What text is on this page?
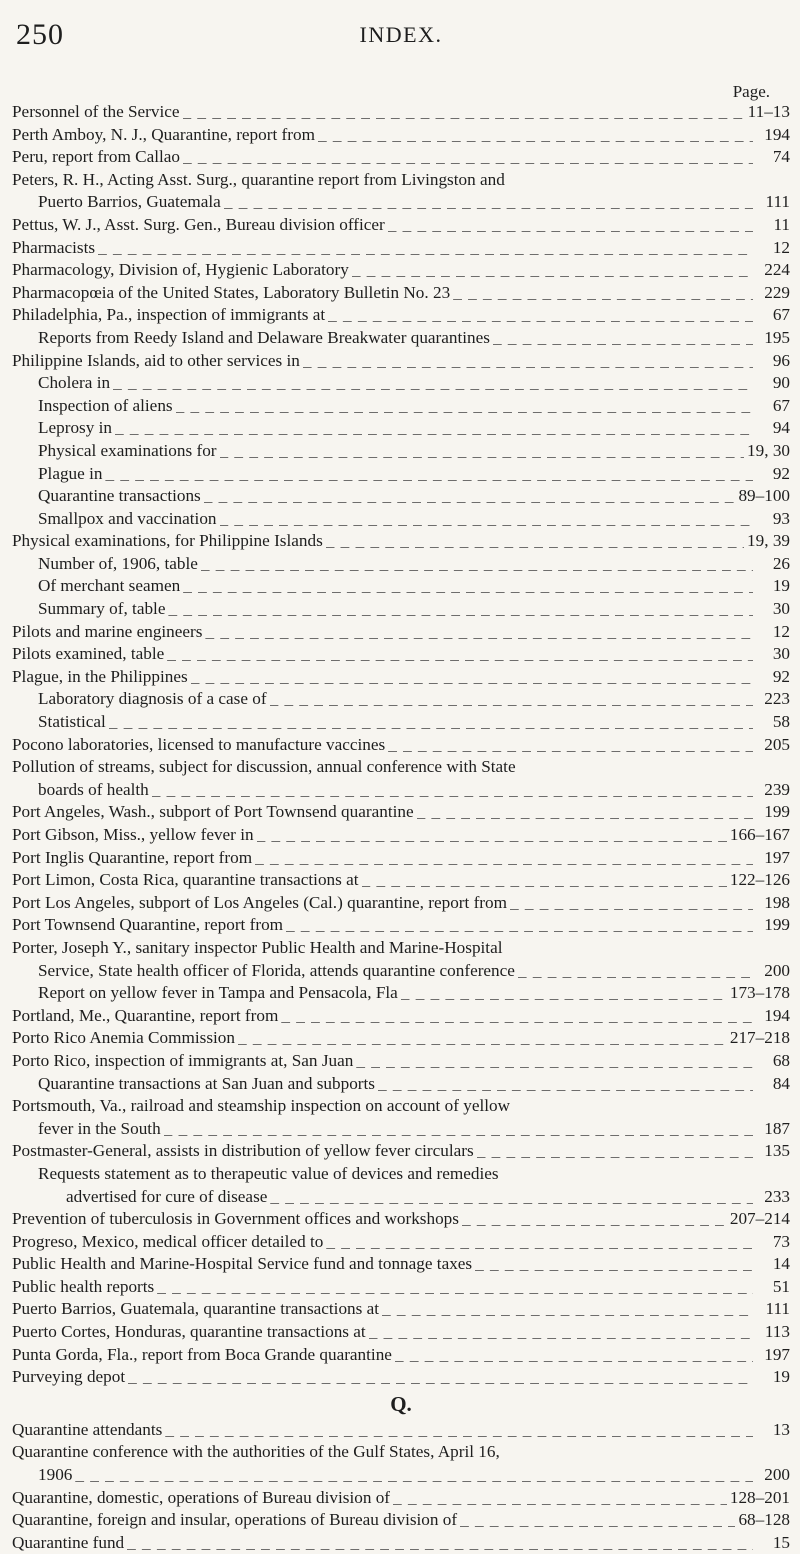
250	INDEX.
Page.
Personnel of the Service _ _ _	11–13
Perth Amboy, N. J., Quarantine, report from _ _ _	194
Peru, report from Callao _ _ _	74
Peters, R. H., Acting Asst. Surg., quarantine report from Livingston and
Puerto Barrios, Guatemala _ _ _	111
Pettus, W. J., Asst. Surg. Gen., Bureau division officer _ _ _	11
Pharmacists _ _ _	12
Pharmacology, Division of, Hygienic Laboratory _ _ _	224
Pharmacopœia of the United States, Laboratory Bulletin No. 23 _ _ _	229
Philadelphia, Pa., inspection of immigrants at _ _ _	67
Reports from Reedy Island and Delaware Breakwater quarantines _ _ _	195
Philippine Islands, aid to other services in _ _ _	96
Cholera in _ _ _	90
Inspection of aliens _ _ _	67
Leprosy in _ _ _	94
Physical examinations for _ _ _	19, 30
Plague in _ _ _	92
Quarantine transactions _ _ _	89–100
Smallpox and vaccination _ _ _	93
Physical examinations, for Philippine Islands _ _ _	19, 39
Number of, 1906, table _ _ _	26
Of merchant seamen _ _ _	19
Summary of, table _ _ _	30
Pilots and marine engineers _ _ _	12
Pilots examined, table _ _ _	30
Plague, in the Philippines _ _ _	92
Laboratory diagnosis of a case of _ _ _	223
Statistical _ _ _	58
Pocono laboratories, licensed to manufacture vaccines _ _ _	205
Pollution of streams, subject for discussion, annual conference with State
boards of health _ _ _	239
Port Angeles, Wash., subport of Port Townsend quarantine _ _ _	199
Port Gibson, Miss., yellow fever in _ _ _	166–167
Port Inglis Quarantine, report from _ _ _	197
Port Limon, Costa Rica, quarantine transactions at _ _ _	122–126
Port Los Angeles, subport of Los Angeles (Cal.) quarantine, report from _ _ _	198
Port Townsend Quarantine, report from _ _ _	199
Porter, Joseph Y., sanitary inspector Public Health and Marine-Hospital
Service, State health officer of Florida, attends quarantine conference _ _ _	200
Report on yellow fever in Tampa and Pensacola, Fla _ _ _	173–178
Portland, Me., Quarantine, report from _ _ _	194
Porto Rico Anemia Commission _ _ _	217–218
Porto Rico, inspection of immigrants at, San Juan _ _ _	68
Quarantine transactions at San Juan and subports _ _ _	84
Portsmouth, Va., railroad and steamship inspection on account of yellow
fever in the South _ _ _	187
Postmaster-General, assists in distribution of yellow fever circulars _ _ _	135
Requests statement as to therapeutic value of devices and remedies
advertised for cure of disease _ _ _	233
Prevention of tuberculosis in Government offices and workshops _ _ _	207–214
Progreso, Mexico, medical officer detailed to _ _ _	73
Public Health and Marine-Hospital Service fund and tonnage taxes _ _ _	14
Public health reports _ _ _	51
Puerto Barrios, Guatemala, quarantine transactions at _ _ _	111
Puerto Cortes, Honduras, quarantine transactions at _ _ _	113
Punta Gorda, Fla., report from Boca Grande quarantine _ _ _	197
Purveying depot _ _ _	19
Q.
Quarantine attendants _ _ _	13
Quarantine conference with the authorities of the Gulf States, April 16,
1906 _ _ _	200
Quarantine, domestic, operations of Bureau division of _ _ _	128–201
Quarantine, foreign and insular, operations of Bureau division of _ _ _	68–128
Quarantine fund _ _ _	15
